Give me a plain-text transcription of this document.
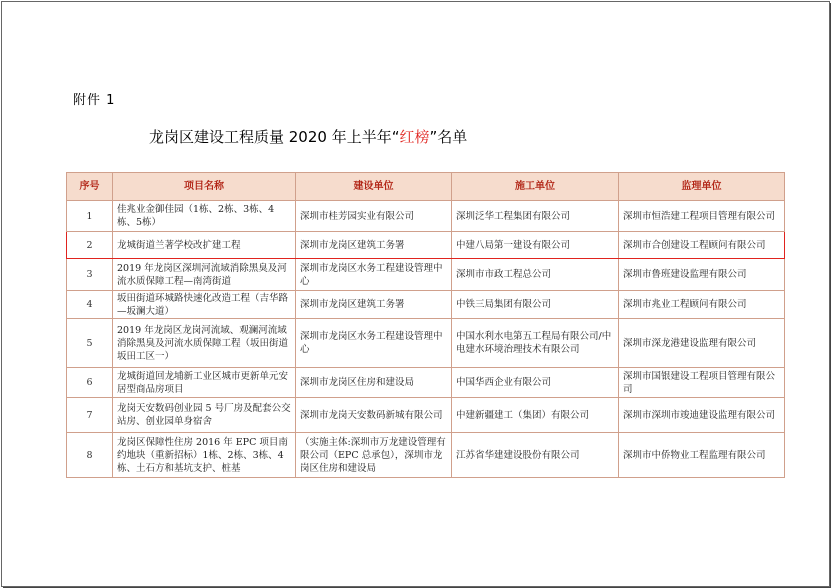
附件 1
龙岗区建设工程质量 2020 年上半年“红榜”名单
序号	项目名称	建设单位	施工单位	监理单位
1	佳兆业金御佳园（1栋、2栋、3栋、4栋、5栋）	深圳市桂芳园实业有限公司	深圳泛华工程集团有限公司	深圳市恒浩建工程项目管理有限公司
2	龙城街道兰著学校改扩建工程	深圳市龙岗区建筑工务署	中建八局第一建设有限公司	深圳市合创建设工程顾问有限公司
3	2019 年龙岗区深圳河流域消除黑臭及河流水质保障工程—南湾街道	深圳市龙岗区水务工程建设管理中心	深圳市市政工程总公司	深圳市鲁班建设监理有限公司
4	坂田街道环城路快速化改造工程（吉华路—坂澜大道）	深圳市龙岗区建筑工务署	中铁三局集团有限公司	深圳市兆业工程顾问有限公司
5	2019 年龙岗区龙岗河流域、观澜河流域消除黑臭及河流水质保障工程（坂田街道坂田工区一）	深圳市龙岗区水务工程建设管理中心	中国水利水电第五工程局有限公司/中电建水环境治理技术有限公司	深圳市深龙港建设监理有限公司
6	龙城街道回龙埔新工业区城市更新单元安居型商品房项目	深圳市龙岗区住房和建设局	中国华西企业有限公司	深圳市国银建设工程项目管理有限公司
7	龙岗天安数码创业园 5 号厂房及配套公交站房、创业园单身宿舍	深圳市龙岗天安数码新城有限公司	中建新疆建工（集团）有限公司	深圳市深圳市竣迪建设监理有限公司
8	龙岗区保障性住房 2016 年 EPC 项目南约地块（重新招标）1栋、2栋、3栋、4栋、土石方和基坑支护、桩基	（实施主体:深圳市万龙建设管理有限公司（EPC 总承包），深圳市龙岗区住房和建设局	江苏省华建建设股份有限公司	深圳市中侨物业工程监理有限公司
